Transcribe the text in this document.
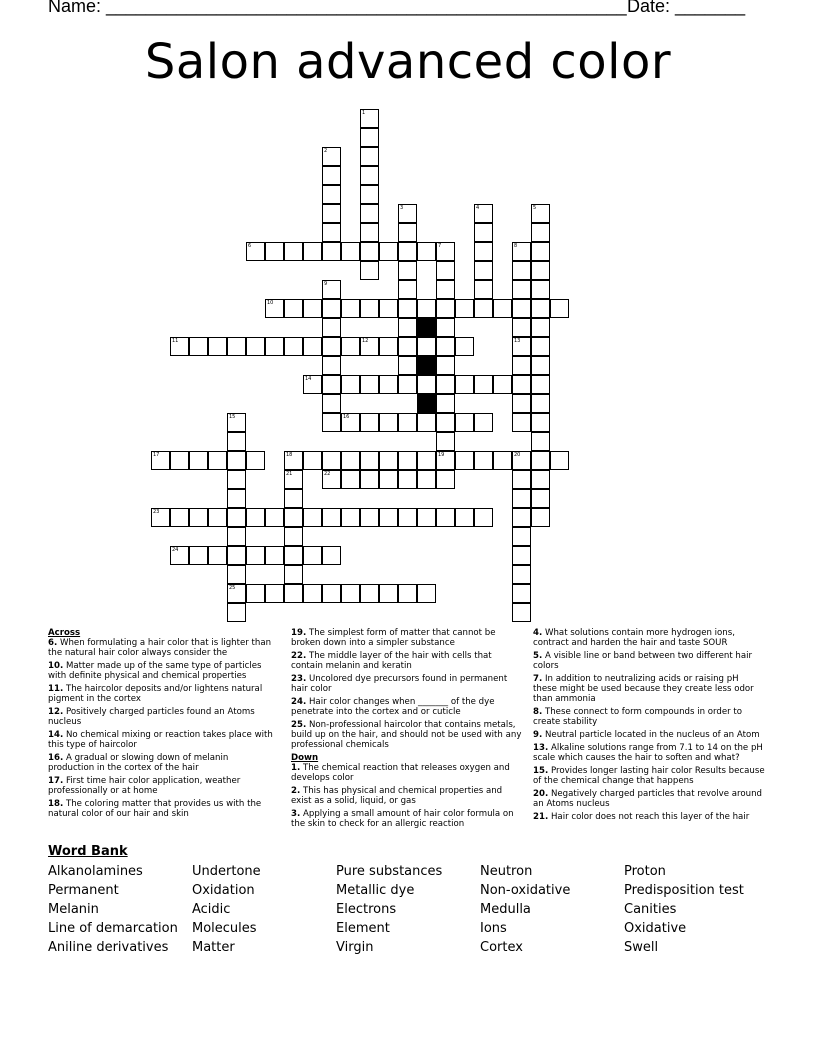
Name: ____________________________________________________ Date: _______
Salon advanced color
1
2
3	4	5
6	7
19
8
13
9
10
11	12
14
15
25
16
17	18	20
21	22
23
24
Across
6. When formulating a hair color that is lighter than the natural hair color always consider the
10. Matter made up of the same type of particles with definite physical and chemical properties
11. The haircolor deposits and/or lightens natural pigment in the cortex
12. Positively charged particles found an Atoms nucleus
14. No chemical mixing or reaction takes place with this type of haircolor
16. A gradual or slowing down of melanin production in the cortex of the hair
17. First time hair color application, weather professionally or at home
18. The coloring matter that provides us with the natural color of our hair and skin
19. The simplest form of matter that cannot be broken down into a simpler substance
22. The middle layer of the hair with cells that contain melanin and keratin
23. Uncolored dye precursors found in permanent hair color
24. Hair color changes when _______ of the dye penetrate into the cortex and or cuticle
25. Non-professional haircolor that contains metals, build up on the hair, and should not be used with any professional chemicals
Down
1. The chemical reaction that releases oxygen and develops color
2. This has physical and chemical properties and exist as a solid, liquid, or gas
3. Applying a small amount of hair color formula on the skin to check for an allergic reaction
4. What solutions contain more hydrogen ions, contract and harden the hair and taste SOUR
5. A visible line or band between two different hair colors
7. In addition to neutralizing acids or raising pH these might be used because they create less odor than ammonia
8. These connect to form compounds in order to create stability
9. Neutral particle located in the nucleus of an Atom
13. Alkaline solutions range from 7.1 to 14 on the pH scale which causes the hair to soften and what?
15. Provides longer lasting hair color Results because of the chemical change that happens
20. Negatively charged particles that revolve around an Atoms nucleus
21. Hair color does not reach this layer of the hair
Word Bank
Alkanolamines
Permanent
Melanin
Line of demarcation
Aniline derivatives
Undertone
Oxidation
Acidic
Molecules
Matter
Pure substances
Metallic dye
Electrons
Element
Virgin
Neutron
Non-oxidative
Medulla
Ions
Cortex
Proton
Predisposition test
Canities
Oxidative
Swell
